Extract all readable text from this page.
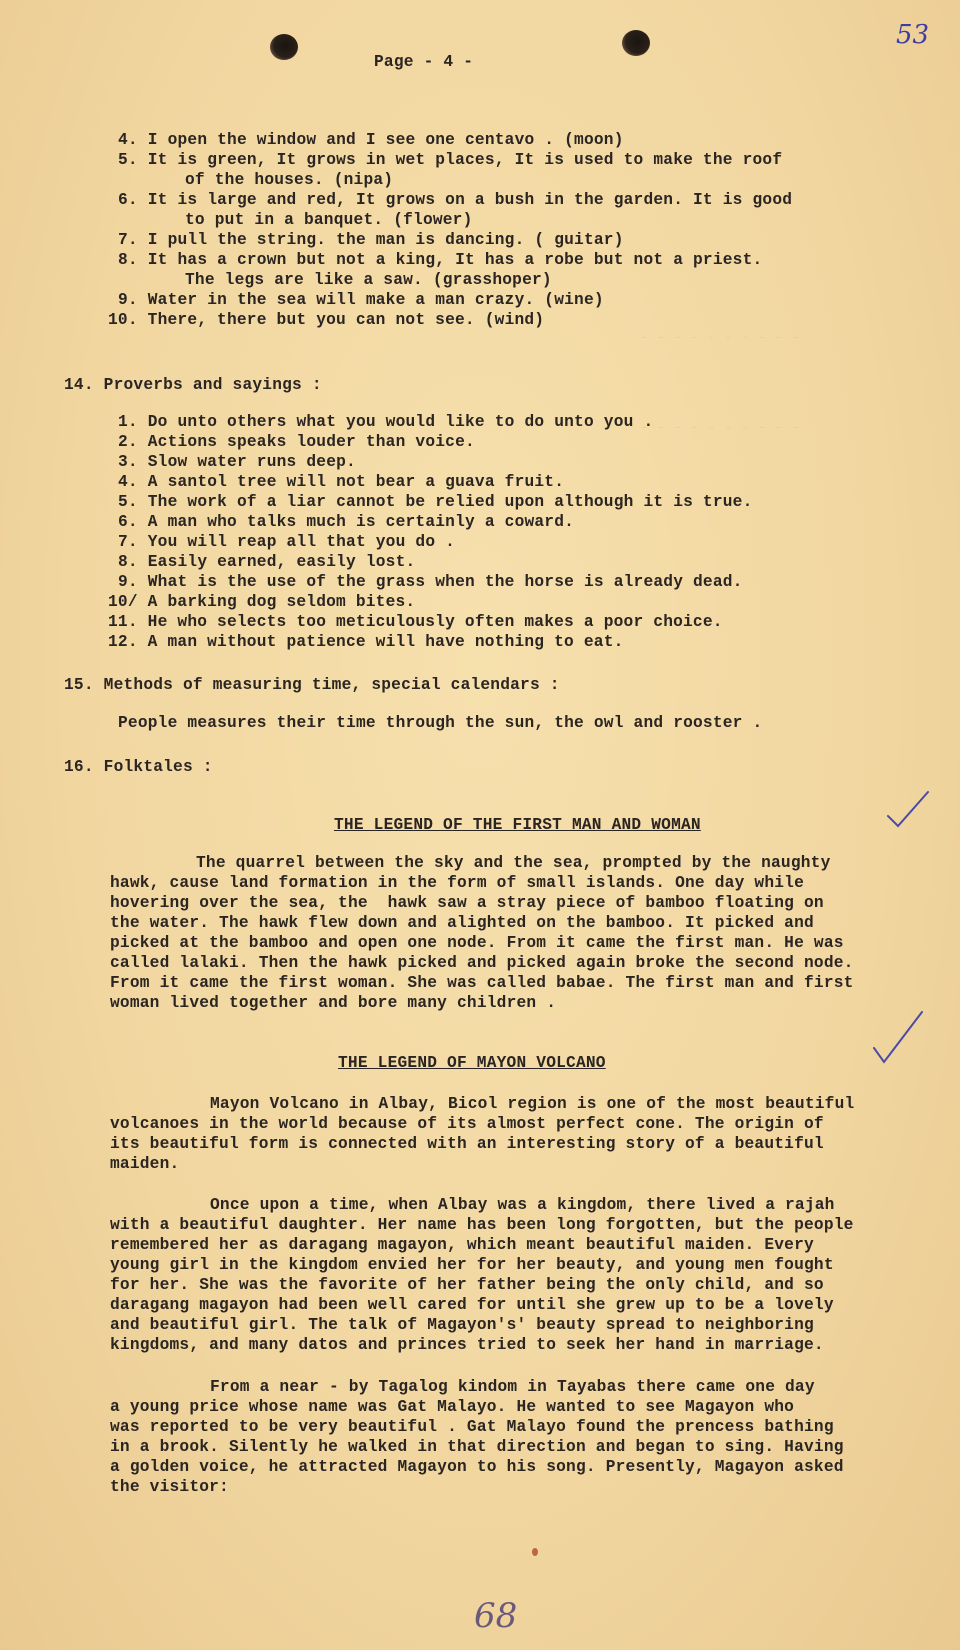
- - - - - - - - - -
- - - - - - - - - -
Page - 4 -
53
4. I open the window and I see one centavo . (moon)
5. It is green, It grows in wet places, It is used to make the roof
of the houses. (nipa)
6. It is large and red, It grows on a bush in the garden. It is good
to put in a banquet. (flower)
7. I pull the string. the man is dancing. ( guitar)
8. It has a crown but not a king, It has a robe but not a priest.
The legs are like a saw. (grasshoper)
9. Water in the sea will make a man crazy. (wine)
10. There, there but you can not see. (wind)
14. Proverbs and sayings :
1. Do unto others what you would like to do unto you .
2. Actions speaks louder than voice.
3. Slow water runs deep.
4. A santol tree will not bear a guava fruit.
5. The work of a liar cannot be relied upon although it is true.
6. A man who talks much is certainly a coward.
7. You will reap all that you do .
8. Easily earned, easily lost.
9. What is the use of the grass when the horse is already dead.
10/ A barking dog seldom bites.
11. He who selects too meticulously often makes a poor choice.
12. A man without patience will have nothing to eat.
15. Methods of measuring time, special calendars :
People measures their time through the sun, the owl and rooster .
16. Folktales :
THE LEGEND OF THE FIRST MAN AND WOMAN
The quarrel between the sky and the sea, prompted by the naughty
hawk, cause land formation in the form of small islands. One day while
hovering over the sea, the  hawk saw a stray piece of bamboo floating on
the water. The hawk flew down and alighted on the bamboo. It picked and
picked at the bamboo and open one node. From it came the first man. He was
called lalaki. Then the hawk picked and picked again broke the second node.
From it came the first woman. She was called babae. The first man and first
woman lived together and bore many children .
THE LEGEND OF MAYON VOLCANO
Mayon Volcano in Albay, Bicol region is one of the most beautiful
volcanoes in the world because of its almost perfect cone. The origin of
its beautiful form is connected with an interesting story of a beautiful
maiden.
Once upon a time, when Albay was a kingdom, there lived a rajah
with a beautiful daughter. Her name has been long forgotten, but the people
remembered her as daragang magayon, which meant beautiful maiden. Every
young girl in the kingdom envied her for her beauty, and young men fought
for her. She was the favorite of her father being the only child, and so
daragang magayon had been well cared for until she grew up to be a lovely
and beautiful girl. The talk of Magayon's' beauty spread to neighboring
kingdoms, and many datos and princes tried to seek her hand in marriage.
From a near - by Tagalog kindom in Tayabas there came one day
a young price whose name was Gat Malayo. He wanted to see Magayon who
was reported to be very beautiful . Gat Malayo found the prencess bathing
in a brook. Silently he walked in that direction and began to sing. Having
a golden voice, he attracted Magayon to his song. Presently, Magayon asked
the visitor:
68
